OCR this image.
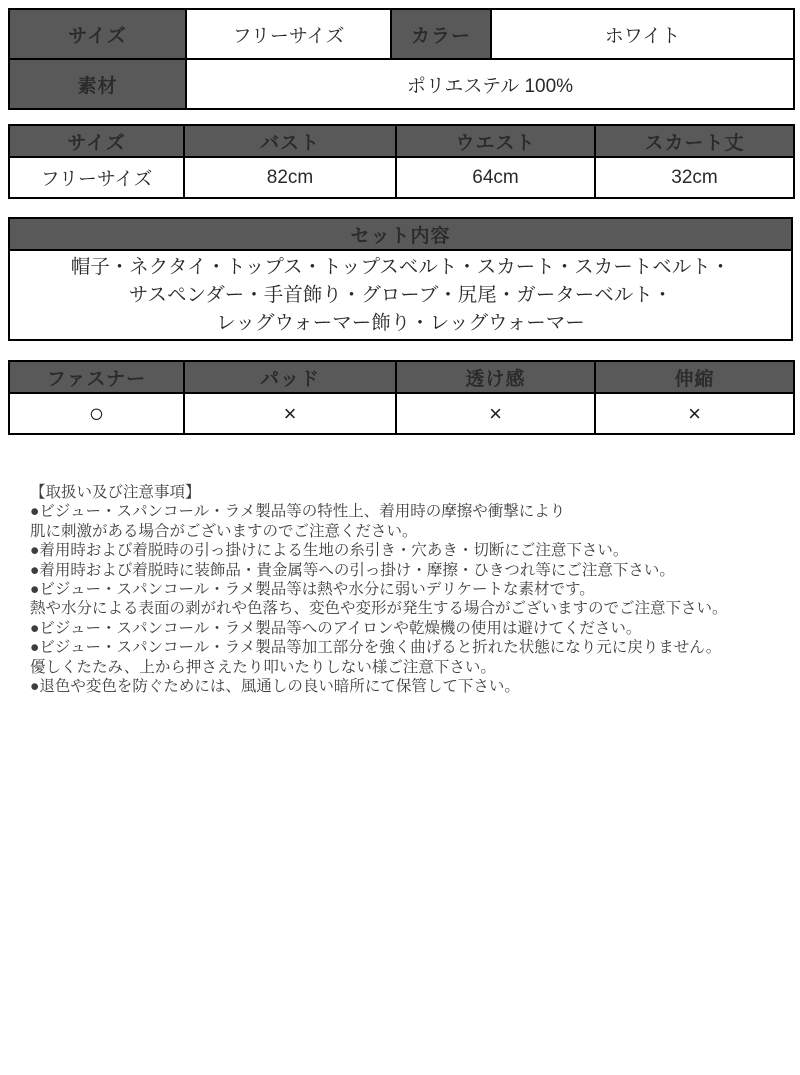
サイズ	フリーサイズ	カラー	ホワイト
素材	ポリエステル 100%		
サイズ	バスト	ウエスト	スカート丈
フリーサイズ	82cm	64cm	32cm
セット内容

帽子・ネクタイ・トップス・トップスベルト・スカート・スカートベルト・
サスペンダー・手首飾り・グローブ・尻尾・ガーターベルト・
レッグウォーマー飾り・レッグウォーマー
ファスナー	パッド	透け感	伸縮
○	×	×	×
【取扱い及び注意事項】
●ビジュー・スパンコール・ラメ製品等の特性上、着用時の摩擦や衝撃により
肌に刺激がある場合がございますのでご注意ください。
●着用時および着脱時の引っ掛けによる生地の糸引き・穴あき・切断にご注意下さい。
●着用時および着脱時に装飾品・貴金属等への引っ掛け・摩擦・ひきつれ等にご注意下さい。
●ビジュー・スパンコール・ラメ製品等は熱や水分に弱いデリケートな素材です。
熱や水分による表面の剥がれや色落ち、変色や変形が発生する場合がございますのでご注意下さい。
●ビジュー・スパンコール・ラメ製品等へのアイロンや乾燥機の使用は避けてください。
●ビジュー・スパンコール・ラメ製品等加工部分を強く曲げると折れた状態になり元に戻りません。
優しくたたみ、上から押さえたり叩いたりしない様ご注意下さい。
●退色や変色を防ぐためには、風通しの良い暗所にて保管して下さい。
